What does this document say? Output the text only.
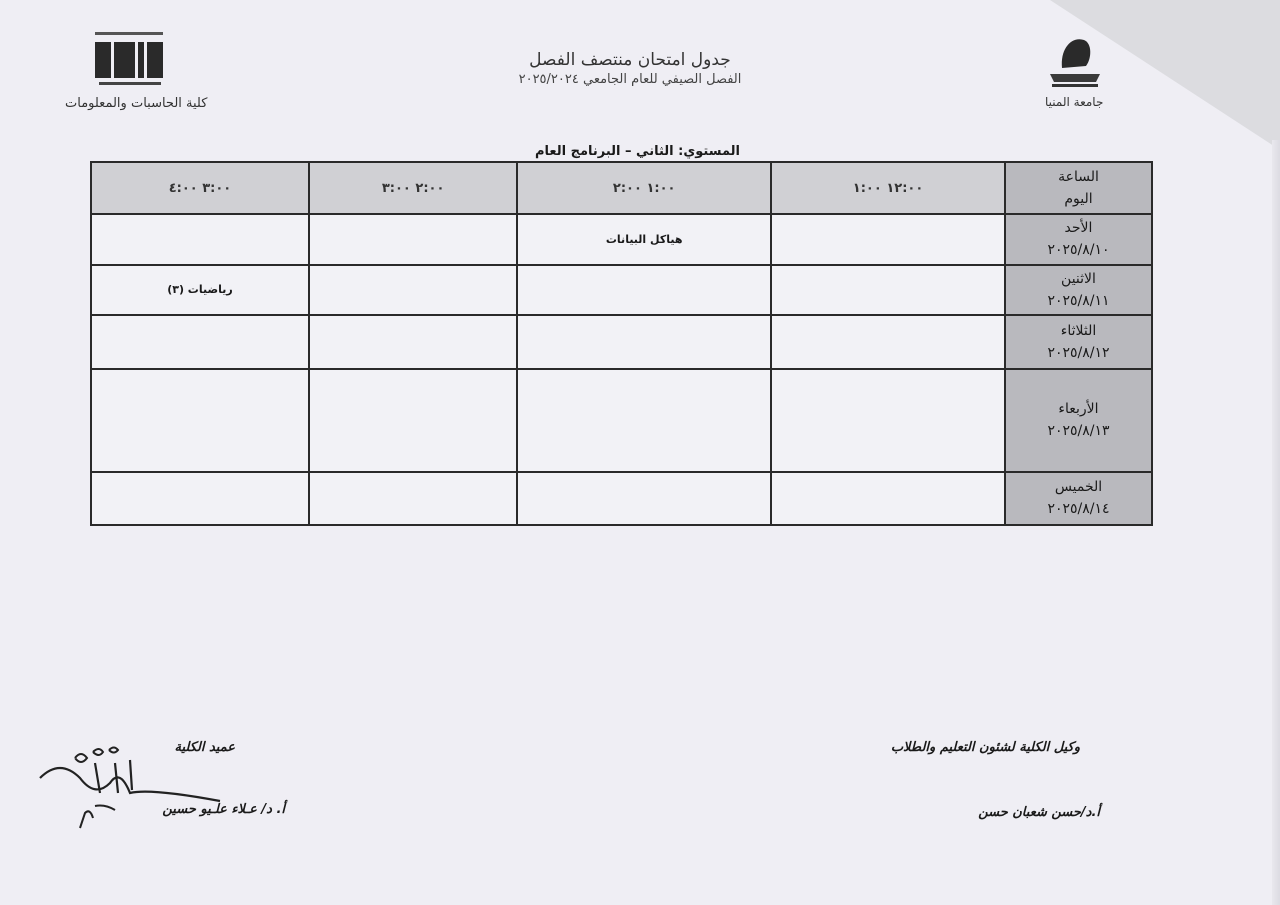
كلية الحاسبات والمعلومات	جامعة المنيا
جدول امتحان منتصف الفصل
الفصل الصيفي للعام الجامعي ٢٠٢٥/٢٠٢٤
المستوي: الثاني – البرنامج العام
الساعة
اليوم	١٢:٠٠ ١:٠٠	١:٠٠ ٢:٠٠	٢:٠٠ ٣:٠٠	٣:٠٠ ٤:٠٠

الأحد
٢٠٢٥/٨/١٠		هياكل البيانات		

الاثنين
٢٠٢٥/٨/١١				رياضيات (٣)

الثلاثاء
٢٠٢٥/٨/١٢				

الأربعاء
٢٠٢٥/٨/١٣				

الخميس
٢٠٢٥/٨/١٤				

وكيل الكلية لشئون التعليم والطلاب
أ.د/حسن شعبان حسن
عميد الكلية
أ. د/ عـلاء علـيو حسين
